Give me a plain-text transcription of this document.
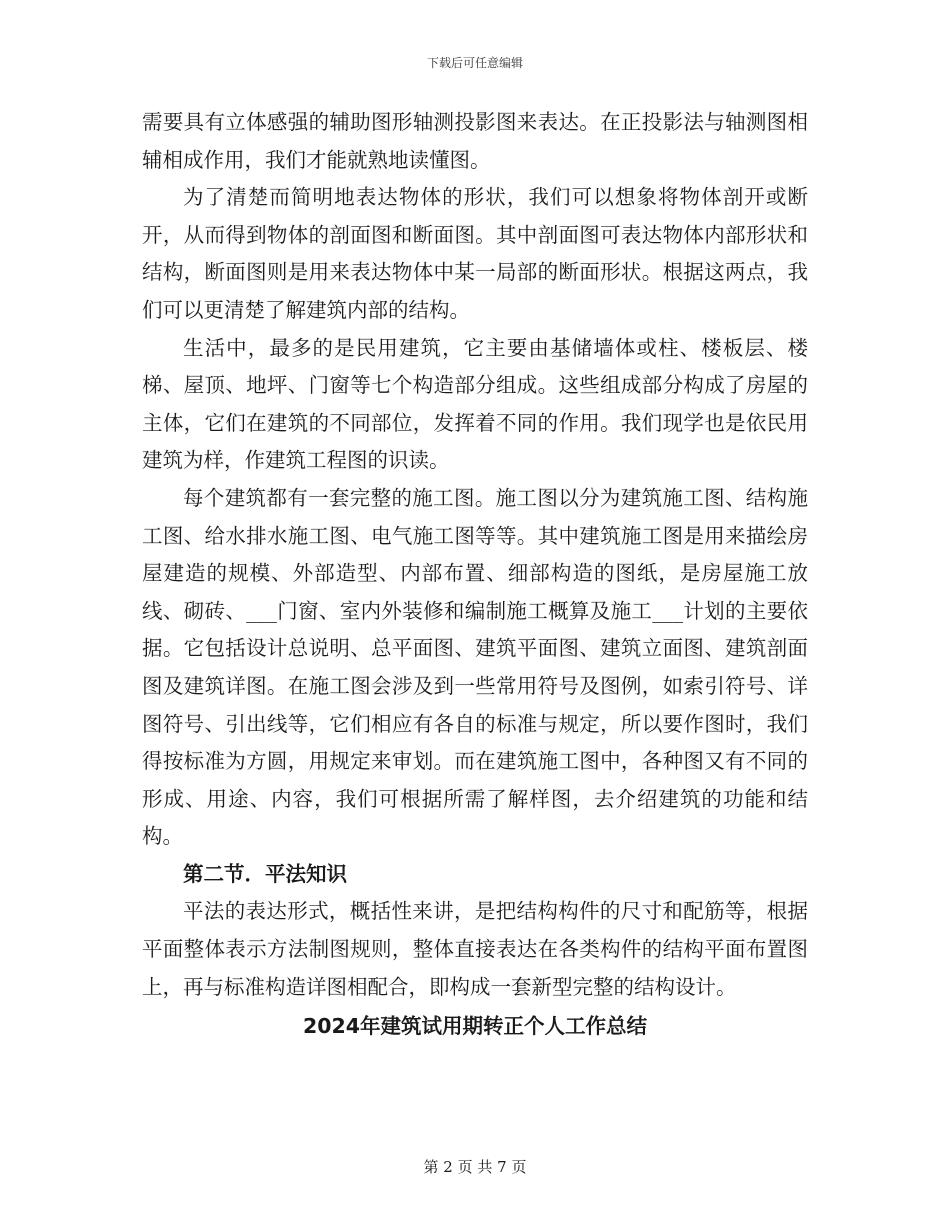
下载后可任意编辑

需要具有立体感强的辅助图形轴测投影图来表达。在正投影法与轴测图相辅相成作用，我们才能就熟地读懂图。

为了清楚而简明地表达物体的形状，我们可以想象将物体剖开或断开，从而得到物体的剖面图和断面图。其中剖面图可表达物体内部形状和结构，断面图则是用来表达物体中某一局部的断面形状。根据这两点，我们可以更清楚了解建筑内部的结构。

生活中，最多的是民用建筑，它主要由基储墙体或柱、楼板层、楼梯、屋顶、地坪、门窗等七个构造部分组成。这些组成部分构成了房屋的主体，它们在建筑的不同部位，发挥着不同的作用。我们现学也是依民用建筑为样，作建筑工程图的识读。

每个建筑都有一套完整的施工图。施工图以分为建筑施工图、结构施工图、给水排水施工图、电气施工图等等。其中建筑施工图是用来描绘房屋建造的规模、外部造型、内部布置、细部构造的图纸，是房屋施工放线、砌砖、___门窗、室内外装修和编制施工概算及施工___计划的主要依据。它包括设计总说明、总平面图、建筑平面图、建筑立面图、建筑剖面图及建筑详图。在施工图会涉及到一些常用符号及图例，如索引符号、详图符号、引出线等，它们相应有各自的标准与规定，所以要作图时，我们得按标准为方圆，用规定来审划。而在建筑施工图中，各种图又有不同的形成、用途、内容，我们可根据所需了解样图，去介绍建筑的功能和结构。

第二节．平法知识

平法的表达形式，概括性来讲，是把结构构件的尺寸和配筋等，根据平面整体表示方法制图规则，整体直接表达在各类构件的结构平面布置图上，再与标准构造详图相配合，即构成一套新型完整的结构设计。

2024年建筑试用期转正个人工作总结

第 2 页 共 7 页
